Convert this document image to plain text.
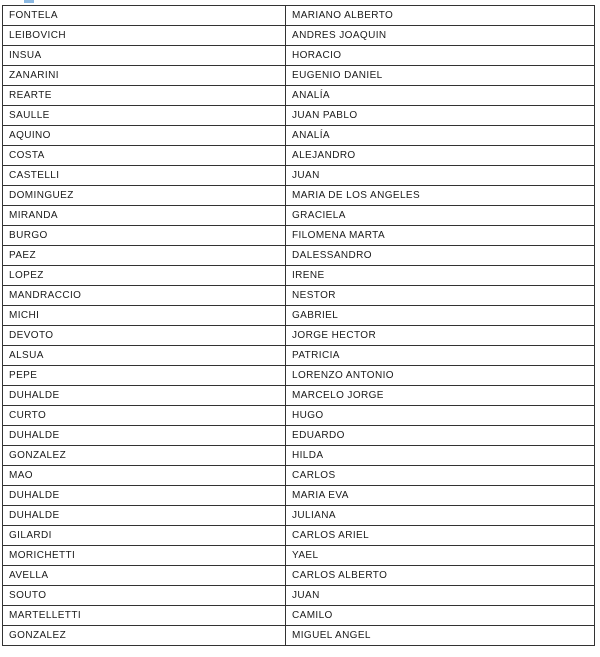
FONTELA	MARIANO ALBERTO
LEIBOVICH	ANDRES JOAQUIN
INSUA	HORACIO
ZANARINI	EUGENIO DANIEL
REARTE	ANALÍA
SAULLE	JUAN PABLO
AQUINO	ANALÍA
COSTA	ALEJANDRO
CASTELLI	JUAN
DOMINGUEZ	MARIA DE LOS ANGELES
MIRANDA	GRACIELA
BURGO	FILOMENA MARTA
PAEZ	DALESSANDRO
LOPEZ	IRENE
MANDRACCIO	NESTOR
MICHI	GABRIEL
DEVOTO	JORGE HECTOR
ALSUA	PATRICIA
PEPE	LORENZO ANTONIO
DUHALDE	MARCELO JORGE
CURTO	HUGO
DUHALDE	EDUARDO
GONZALEZ	HILDA
MAO	CARLOS
DUHALDE	MARIA EVA
DUHALDE	JULIANA
GILARDI	CARLOS ARIEL
MORICHETTI	YAEL
AVELLA	CARLOS ALBERTO
SOUTO	JUAN
MARTELLETTI	CAMILO
GONZALEZ	MIGUEL ANGEL
